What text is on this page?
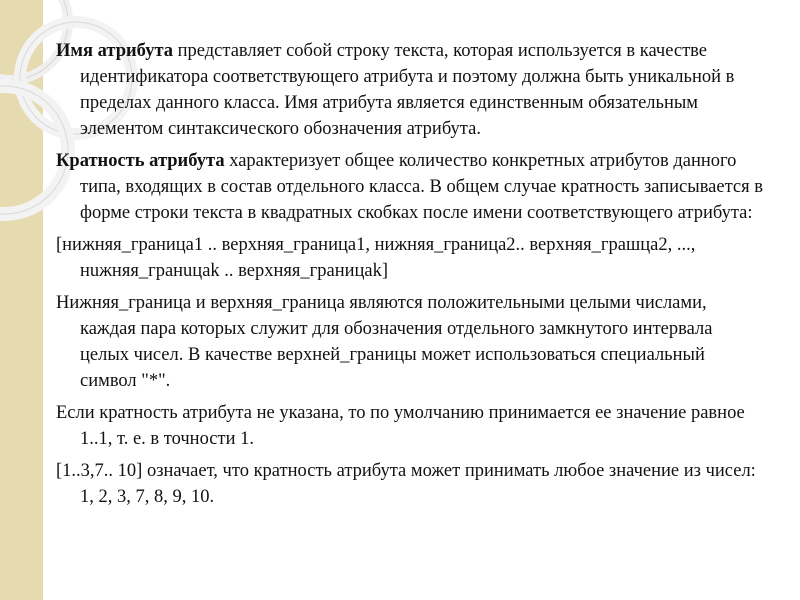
Имя атрибута представляет собой строку текста, которая используется в качестве идентификатора соответствующего атрибута и поэтому должна быть уникальной в пределах данного класса. Имя атрибута является единственным обязательным элементом синтаксического обозначения атрибута.

Кратность атрибута характеризует общее количество конкретных атрибутов данного типа, входящих в состав отдельного класса. В общем случае кратность записывается в форме строки текста в квадратных скобках после имени соответствующего атрибута:

[нижняя_граница1 .. верхняя_граница1, нижняя_граница2.. верхняя_грашца2, ..., нuжняя_гpaнuцak .. верхняя_границаk]

Нижняя_граница и верхняя_граница являются положительными целыми числами, каждая пара которых служит для обозначения отдельного замкнутого интервала целых чисел. В качестве верхней_границы может использоваться специальный символ "*".

Если кратность атрибута не указана, то по умолчанию принимается ее значение равное 1..1, т. е. в точности 1.

[1..3,7.. 10] означает, что кратность атрибута может принимать любое значение из чисел: 1, 2, 3, 7, 8, 9, 10.
